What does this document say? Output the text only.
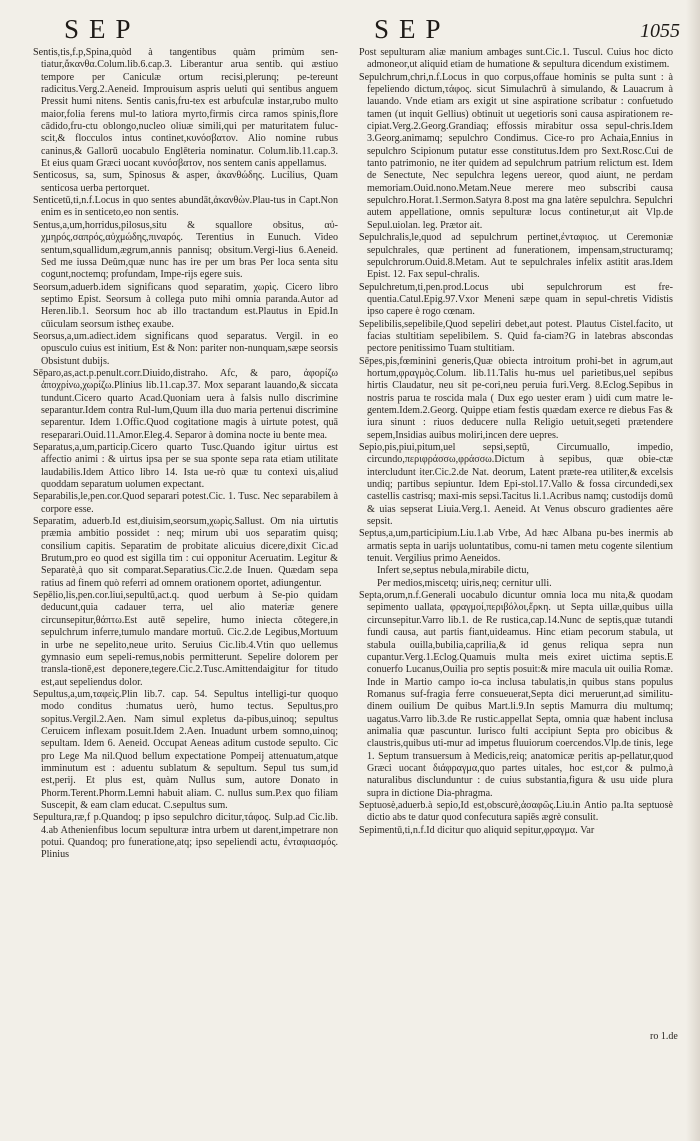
SEP	SEP	1055

Sentis,tis,f.p,Spina,quòd à tangentibus quàm primùm sen-tiatur,ἄκανθα.Colum.lib.6.cap.3. Liberantur arua sentib. qui æstiuo tempore per Caniculæ ortum recisi,plerunq; pe-tereunt radicitus.Verg.2.Aeneid. Improuisum aspris ueluti qui sentibus anguem Pressit humi nitens. Sentis canis,fru-tex est arbufculæ instar,rubo multo maior,folia ferens mul-to latiora myrto,firmis circa ramos spinis,flore cādido,fru-ctu oblongo,nucleo oliuæ simili,qui per maturitatem fuluc-scit,& flocculos intus continet,κυνόσβατον. Alio nomine rubus caninus,& Gallorū uocabulo Englēteria nominatur. Colum.lib.11.cap.3. Et eius quam Græci uocant κυνόσβατον, nos sentem canis appellamus.

Senticosus, sa, sum, Spinosus & asper, ἀκανθώδης. Lucilius, Quam senticosa uerba pertorquet.

Senticetū,ti,n.f.Locus in quo sentes abundāt,ἀκανθὼν.Plau-tus in Capt.Non enim es in senticeto,eo non sentis.

Sentus,a,um,horridus,pilosus,situ & squallore obsitus, αὐ-χμηρός,σαπρός,αὐχμώδης,πιναρός. Terentius in Eunuch. Video sentum,squallidum,ægrum,annis pannisq; obsitum.Vergi-lius 6.Aeneid. Sed me iussa Deûm,quæ nunc has ire per um bras Per loca senta situ cogunt,noctemq; profundam, Impe-rijs egere suis.

Seorsum,aduerb.idem significans quod separatim, χωρὶς. Cicero libro septimo Epist. Seorsum à collega puto mihi omnia paranda.Autor ad Heren.lib.1. Seorsum hoc ab illo tractandum est.Plautus in Epid.In cūiculam seorsum istheç exaube.

Seorsus,a,um.adiect.idem significans quod separatus. Vergil. in eo opusculo cuius est initium, Est & Non: pariter non-nunquam,sæpe seorsis Obsistunt dubijs.

Sēparo,as,act.p.penult.corr.Diuido,distraho. Afc, & paro, ἀφορίζω ἀποχρίνω,χωρίζω.Plinius lib.11.cap.37. Mox separant lauando,& siccata tundunt.Cicero quarto Acad.Quoniam uera à falsis nullo discrimine separantur.Idem contra Rul-lum,Quum illa duo maria pertenui discrimine separentur. Idem 1.Offic.Quod cogitatione magis à uirtute potest, quā reseparari.Ouid.11.Amor.Eleg.4. Separor à domina nocte iu bente mea.

Separatus,a,um,particip.Cicero quarto Tusc.Quando igitur uirtus est affectio animi : & uirtus ipsa per se sua sponte sepa rata etiam utilitate laudabilis.Idem Attico libro 14. Ista ue-rò quæ tu contexi uis,aliud quoddam separatum uolumen expectant.

Separabilis,le,pen.cor.Quod separari potest.Cic. 1. Tusc. Nec separabilem à corpore esse.

Separatim, aduerb.Id est,diuisim,seorsum,χωρὶς.Sallust. Om nia uirtutis præmia ambitio possidet : neq; mirum ubi uos separatim quisq; consilium capitis. Separatim de probitate alicuius dicere,dixit Cic.ad Brutum,pro eo quod est sigilla tim : cui opponitur Aceruatim. Legitur & Separatè,à quo sit comparat.Separatius.Cic.2.de Inuen. Quædam sepa ratius ad finem quò referri ad omnem orationem oportet, adiungentur.

Sepēlio,lis,pen.cor.liui,sepultū,act.q. quod uerbum à Se-pio quidam deducunt,quia cadauer terra, uel alio materiæ genere circunsepitur,θάπτω.Est autē sepelire, humo iniecta cōtegere,in sepulchrum inferre,tumulo mandare mortuū. Cic.2.de Legibus,Mortuum in urbe ne sepelito,neue urito. Seruius Cic.lib.4.Vtin quo uellemus gymnasio eum sepeli-remus,nobis permitterunt. Sepelire dolorem per transla-tionē,est deponere,tegere.Cic.2.Tusc.Amittendaigitur for titudo est,aut sepeliendus dolor.

Sepultus,a,um,ταφεὶς.Plin lib.7. cap. 54. Sepultus intelligi-tur quoquo modo conditus :humatus uerò, humo tectus. Sepultus,pro sopitus.Vergil.2.Aen. Nam simul expletus da-pibus,uinoq; sepultus Ceruicem inflexam posuit.Idem 2.Aen. Inuadunt urbem somno,uinoq; sepultam. Idem 6. Aeneid. Occupat Aeneas aditum custode sepulto. Cic pro Lege Ma nil.Quod bellum expectatione Pompeij attenuatum,atque imminutum est : aduentu sublatum & sepultum. Sepul tus sum,id est,perij. Et plus est, quàm Nullus sum, autore Donato in Phorm.Terent.Phorm.Lemni habuit aliam. C. nullus sum.P.ex quo filiam Suscepit, & eam clam educat. C.sepultus sum.

Sepultura,ræ,f p.Quandoq; p ipso sepulchro dicitur,τάφος. Sulp.ad Cic.lib. 4.ab Athenienfibus locum sepulturæ intra urbem ut darent,impetrare non potui. Quandoq; pro funeratione,atq; ipso sepeliendi actu, ἐνταφιασμός. Plinius

Post sepulturam aliæ manium ambages sunt.Cic.1. Tuscul. Cuius hoc dicto admoneor,ut aliquid etiam de humatione & sepultura dicendum existimem.

Sepulchrum,chri,n.f.Locus in quo corpus,offaue hominis se pulta sunt : à fepeliendo dictum,τάφος. sicut Simulachrū à simulando, & Lauacrum à lauando. Vnde etiam ars exigit ut sine aspiratione scribatur : confuetudo tamen (ut inquit Gellius) obtinuit ut uegetioris soni causa aspirationem re-cipiat.Verg.2.Georg.Grandiaq; effossis mirabitur ossa sepul-chris.Idem 3.Georg.animamq; sepulchro Condimus. Cice-ro pro Achaia,Ennius in sepulchro Scipionum putatur esse constitutus.Idem pro Sext.Rosc.Cui de tanto patrimonio, ne iter quidem ad sepulchrum patrium relictum est. Idem de Senectute, Nec sepulchra legens uereor, quod aiunt, ne perdam memoriam.Ouid.nono.Metam.Neue merere meo subscribi causa sepulchro.Horat.1.Sermon.Satyra 8.post ma gna latère sepulchra. Sepulchri autem appellatione, omnis sepulturæ locus continetur,ut ait Vlp.de Sepul.uiolan. leg. Prætor ait.

Sepulchralis,le,quod ad sepulchrum pertinet,ἐνταφιος. ut Ceremoniæ sepulchrales, quæ pertinent ad funerationem, impensam,structuramq; sepulchrorum.Ouid.8.Metam. Aut te sepulchrales infelix astitit aras.Idem Epist. 12. Fax sepul-chralis.

Sepulchretum,ti,pen.prod.Locus ubi sepulchrorum est fre-quentia.Catul.Epig.97.Vxor Meneni sæpe quam in sepul-chretis Vidistis ipso capere è rogo cœnam.

Sepelibilis,sepelibile,Quod sepeliri debet,aut potest. Plautus Cistel.facito, ut facias stultitiam sepelibilem. S. Quid fa-ciam?G in latebras abscondas pectore penitissimo Tuam stultitiam.

Sēpes,pis,fœminini generis,Quæ obiecta introitum prohi-bet in agrum,aut hortum,φραγμὸς.Colum. lib.11.Talis hu-mus uel parietibus,uel sepibus hirtis Claudatur, neu sit pe-cori,neu peruia furi.Verg. 8.Eclog.Sepibus in nostris parua te roscida mala ( Dux ego uester eram ) uidi cum matre le-gentem.Idem.2.Georg. Quippe etiam festis quædam exerce re diebus Fas & iura sinunt : riuos deducere nulla Religio uetuit,segeti prætendere sepem,Insidias auibus moliri,incen dere uepres.

Sepio,pis,piui,pitum,uel sepsi,septū, Circumuallo, impedio, circundo,περιφράσσω,φράσσω.Dictum à sepibus, quæ obie-ctæ intercludunt iter.Cic.2.de Nat. deorum, Latent præte-rea utiliter,& excelsis undiq; partibus sepiuntur. Idem Epi-stol.17.Vallo & fossa circundedi,sex castellis castrisq; maxi-mis sepsi.Tacitus li.1.Acribus namq; custodijs domū & uias sepserat Liuia.Verg.1. Aeneid. At Venus obscuro gradientes aëre sepsit.

Septus,a,um,participium.Liu.1.ab Vrbe, Ad hæc Albana pu-bes inermis ab armatis septa in uarijs uoluntatibus, comu-ni tamen metu cogente silentium tenuit. Vergilius primo Aeneidos.

Infert se,septus nebula,mirabile dictu,

Per medios,miscetq; uiris,neq; cernitur ulli.

Septa,orum,n.f.Generali uocabulo dicuntur omnia loca mu nita,& quodam sepimento uallata, φραγμοί,περιβόλοι,ἕρκη. ut Septa uillæ,quibus uilla circunsepitur.Varro lib.1. de Re rustica,cap.14.Nunc de septis,quæ tutandi fundi causa, aut partis fiant,uideamus. Hinc etiam pecorum stabula, ut stabula ouilla,bubilia,caprilia,& id genus reliqua sepra nun cupantur.Verg.1.Eclog.Quamuis multa meis exiret uictima septis.E conuerfo Lucanus,Ouilia pro septis posuit:& mire macula uit ouilia Romæ. Inde in Martio campo io-ca inclusa tabulatis,in quibus stans populus Romanus suf-fragia ferre consueuerat,Septa dici meruerunt,ad similitu-dinem ouilium De quibus Mart.li.9.In septis Mamurra diu multumq; uagatus.Varro lib.3.de Re rustic.appellat Septa, omnia quæ habent inclusa animalia quæ pascuntur. Iurisco fulti accipiunt Septa pro obicibus & claustris,quibus uti-mur ad impetus fluuiorum coercendos.Vlp.de tinis, lege 1. Septum transuersum à Medicis,reiq; anatomicæ peritis ap-pellatur,quod Græci uocant διάφραγμα,quo partes uitales, hoc est,cor & pulmo,à naturalibus disclunduntur : de cuius substantia,figura & usu uide plura supra in dictione Dia-phragma.

Septuosè,aduerb.à sepio,Id est,obscurè,ἀσαφῶς.Liu.in Antio pa.Ita septuosè dictio abs te datur quod confecutura sapiēs ægrè consulit.

Sepimentū,ti,n.f.Id dicitur quo aliquid sepitur,φραγμα. Var

ro 1.de
